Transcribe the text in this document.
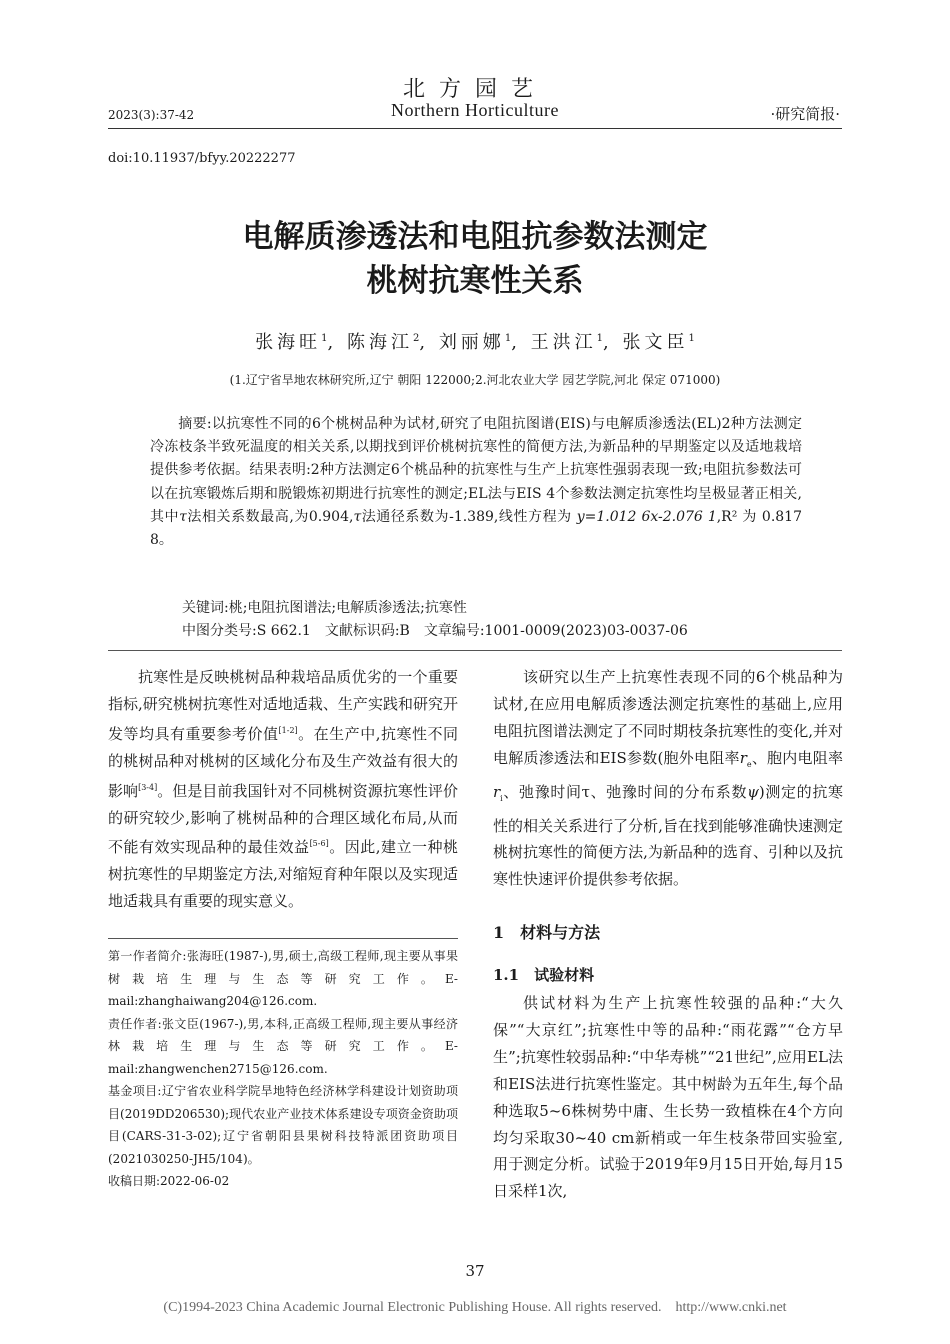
北方园艺
Northern Horticulture
2023(3):37-42	·研究简报·
doi:10.11937/bfyy.20222277
电解质渗透法和电阻抗参数法测定
桃树抗寒性关系
张海旺$^1$, 陈海江$^2$, 刘丽娜$^1$, 王洪江$^1$, 张文臣$^1$
(1.辽宁省旱地农林研究所,辽宁 朝阳 122000;2.河北农业大学 园艺学院,河北 保定 071000)
摘要:以抗寒性不同的6个桃树品种为试材,研究了电阻抗图谱(EIS)与电解质渗透法(EL)2种方法测定冷冻枝条半致死温度的相关关系,以期找到评价桃树抗寒性的简便方法,为新品种的早期鉴定以及适地栽培提供参考依据。结果表明:2种方法测定6个桃品种的抗寒性与生产上抗寒性强弱表现一致;电阻抗参数法可以在抗寒锻炼后期和脱锻炼初期进行抗寒性的测定;EL法与EIS 4个参数法测定抗寒性均呈极显著正相关,其中τ法相关系数最高,为0.904,τ法通径系数为-1.389,线性方程为 y=1.012 6x-2.076 1,R² 为 0.817 8。
关键词:桃;电阻抗图谱法;电解质渗透法;抗寒性
中图分类号:S 662.1　文献标识码:B　文章编号:1001-0009(2023)03-0037-06

抗寒性是反映桃树品种栽培品质优劣的一个重要指标,研究桃树抗寒性对适地适栽、生产实践和研究开发等均具有重要参考价值[1-2]。在生产中,抗寒性不同的桃树品种对桃树的区域化分布及生产效益有很大的影响[3-4]。但是目前我国针对不同桃树资源抗寒性评价的研究较少,影响了桃树品种的合理区域化布局,从而不能有效实现品种的最佳效益[5-6]。因此,建立一种桃树抗寒性的早期鉴定方法,对缩短育种年限以及实现适地适栽具有重要的现实意义。

第一作者简介:张海旺(1987-),男,硕士,高级工程师,现主要从事果树栽培生理与生态等研究工作。E-mail:zhanghaiwang204@126.com.

责任作者:张文臣(1967-),男,本科,正高级工程师,现主要从事经济林栽培生理与生态等研究工作。E-mail:zhangwenchen2715@126.com.

基金项目:辽宁省农业科学院旱地特色经济林学科建设计划资助项目(2019DD206530);现代农业产业技术体系建设专项资金资助项目(CARS-31-3-02);辽宁省朝阳县果树科技特派团资助项目(2021030250-JH5/104)。

收稿日期:2022-06-02

该研究以生产上抗寒性表现不同的6个桃品种为试材,在应用电解质渗透法测定抗寒性的基础上,应用电阻抗图谱法测定了不同时期枝条抗寒性的变化,并对电解质渗透法和EIS参数(胞外电阻率$r_e$、胞内电阻率$r_i$、弛豫时间τ、弛豫时间的分布系数ψ)测定的抗寒性的相关关系进行了分析,旨在找到能够准确快速测定桃树抗寒性的简便方法,为新品种的选育、引种以及抗寒性快速评价提供参考依据。

1　材料与方法
1.1　试验材料

供试材料为生产上抗寒性较强的品种:“大久保”“大京红”;抗寒性中等的品种:“雨花露”“仓方早生”;抗寒性较弱品种:“中华寿桃”“21世纪”,应用EL法和EIS法进行抗寒性鉴定。其中树龄为五年生,每个品种选取5~6株树势中庸、生长势一致植株在4个方向均匀采取30~40 cm新梢或一年生枝条带回实验室,用于测定分析。试验于2019年9月15日开始,每月15日采样1次,

37
(C)1994-2023 China Academic Journal Electronic Publishing House. All rights reserved.　http://www.cnki.net
